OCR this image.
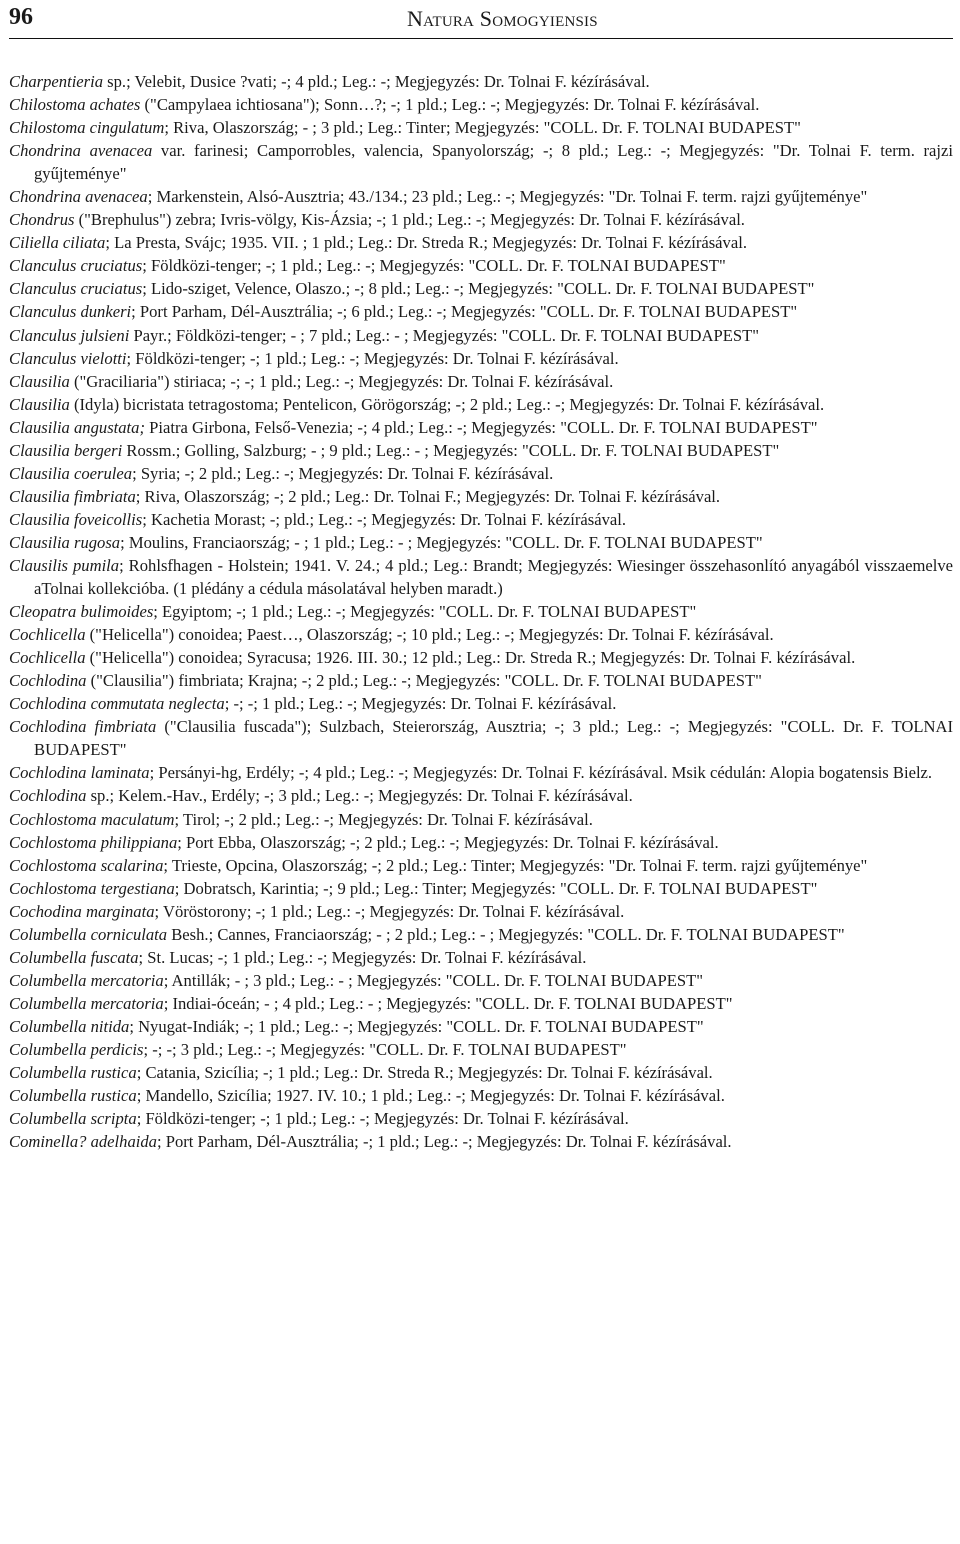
96	Natura Somogyiensis

Charpentieria sp.; Velebit, Dusice ?vati; -; 4 pld.; Leg.: -; Megjegyzés: Dr. Tolnai F. kézírásával.

Chilostoma achates ("Campylaea ichtiosana"); Sonn…?; -; 1 pld.; Leg.: -; Megjegyzés: Dr. Tolnai F. kézírásával.

Chilostoma cingulatum; Riva, Olaszország; - ; 3 pld.; Leg.: Tinter; Megjegyzés: "COLL. Dr. F. TOLNAI BUDAPEST"

Chondrina avenacea var. farinesi; Camporrobles, valencia, Spanyolország; -; 8 pld.; Leg.: -; Megjegyzés: "Dr. Tolnai F. term. rajzi gyűjteménye"

Chondrina avenacea; Markenstein, Alsó-Ausztria; 43./134.; 23 pld.; Leg.: -; Megjegyzés: "Dr. Tolnai F. term. rajzi gyűjteménye"

Chondrus ("Brephulus") zebra; Ivris-völgy, Kis-Ázsia; -; 1 pld.; Leg.: -; Megjegyzés: Dr. Tolnai F. kézírásával.

Ciliella ciliata; La Presta, Svájc; 1935. VII. ; 1 pld.; Leg.: Dr. Streda R.; Megjegyzés: Dr. Tolnai F. kézírásával.

Clanculus cruciatus; Földközi-tenger; -; 1 pld.; Leg.: -; Megjegyzés: "COLL. Dr. F. TOLNAI BUDAPEST"

Clanculus cruciatus; Lido-sziget, Velence, Olaszo.; -; 8 pld.; Leg.: -; Megjegyzés: "COLL. Dr. F. TOLNAI BUDAPEST"

Clanculus dunkeri; Port Parham, Dél-Ausztrália; -; 6 pld.; Leg.: -; Megjegyzés: "COLL. Dr. F. TOLNAI BUDAPEST"

Clanculus julsieni Payr.; Földközi-tenger; - ; 7 pld.; Leg.: - ; Megjegyzés: "COLL. Dr. F. TOLNAI BUDAPEST"

Clanculus vielotti; Földközi-tenger; -; 1 pld.; Leg.: -; Megjegyzés: Dr. Tolnai F. kézírásával.

Clausilia ("Graciliaria") stiriaca; -; -; 1 pld.; Leg.: -; Megjegyzés: Dr. Tolnai F. kézírásával.

Clausilia (Idyla) bicristata tetragostoma; Pentelicon, Görögország; -; 2 pld.; Leg.: -; Megjegyzés: Dr. Tolnai F. kézírásával.

Clausilia angustata; Piatra Girbona, Felső-Venezia; -; 4 pld.; Leg.: -; Megjegyzés: "COLL. Dr. F. TOLNAI BUDAPEST"

Clausilia bergeri Rossm.; Golling, Salzburg; - ; 9 pld.; Leg.: - ; Megjegyzés: "COLL. Dr. F. TOLNAI BUDAPEST"

Clausilia coerulea; Syria; -; 2 pld.; Leg.: -; Megjegyzés: Dr. Tolnai F. kézírásával.

Clausilia fimbriata; Riva, Olaszország; -; 2 pld.; Leg.: Dr. Tolnai F.; Megjegyzés: Dr. Tolnai F. kézírásával.

Clausilia foveicollis; Kachetia Morast; -; pld.; Leg.: -; Megjegyzés: Dr. Tolnai F. kézírásával.

Clausilia rugosa; Moulins, Franciaország; - ; 1 pld.; Leg.: - ; Megjegyzés: "COLL. Dr. F. TOLNAI BUDAPEST"

Clausilis pumila; Rohlsfhagen - Holstein; 1941. V. 24.; 4 pld.; Leg.: Brandt; Megjegyzés: Wiesinger összehasonlító anyagából visszaemelve aTolnai kollekcióba. (1 plédány a cédula másolatával helyben maradt.)

Cleopatra bulimoides; Egyiptom; -; 1 pld.; Leg.: -; Megjegyzés: "COLL. Dr. F. TOLNAI BUDAPEST"

Cochlicella ("Helicella") conoidea; Paest…, Olaszország; -; 10 pld.; Leg.: -; Megjegyzés: Dr. Tolnai F. kézírásával.

Cochlicella ("Helicella") conoidea; Syracusa; 1926. III. 30.; 12 pld.; Leg.: Dr. Streda R.; Megjegyzés: Dr. Tolnai F. kézírásával.

Cochlodina ("Clausilia") fimbriata; Krajna; -; 2 pld.; Leg.: -; Megjegyzés: "COLL. Dr. F. TOLNAI BUDAPEST"

Cochlodina commutata neglecta; -; -; 1 pld.; Leg.: -; Megjegyzés: Dr. Tolnai F. kézírásával.

Cochlodina fimbriata ("Clausilia fuscada"); Sulzbach, Steierország, Ausztria; -; 3 pld.; Leg.: -; Megjegyzés: "COLL. Dr. F. TOLNAI BUDAPEST"

Cochlodina laminata; Persányi-hg, Erdély; -; 4 pld.; Leg.: -; Megjegyzés: Dr. Tolnai F. kézírásával. Msik cédulán: Alopia bogatensis Bielz.

Cochlodina sp.; Kelem.-Hav., Erdély; -; 3 pld.; Leg.: -; Megjegyzés: Dr. Tolnai F. kézírásával.

Cochlostoma maculatum; Tirol; -; 2 pld.; Leg.: -; Megjegyzés: Dr. Tolnai F. kézírásával.

Cochlostoma philippiana; Port Ebba, Olaszország; -; 2 pld.; Leg.: -; Megjegyzés: Dr. Tolnai F. kézírásával.

Cochlostoma scalarina; Trieste, Opcina, Olaszország; -; 2 pld.; Leg.: Tinter; Megjegyzés: "Dr. Tolnai F. term. rajzi gyűjteménye"

Cochlostoma tergestiana; Dobratsch, Karintia; -; 9 pld.; Leg.: Tinter; Megjegyzés: "COLL. Dr. F. TOLNAI BUDAPEST"

Cochodina marginata; Vöröstorony; -; 1 pld.; Leg.: -; Megjegyzés: Dr. Tolnai F. kézírásával.

Columbella corniculata Besh.; Cannes, Franciaország; - ; 2 pld.; Leg.: - ; Megjegyzés: "COLL. Dr. F. TOLNAI BUDAPEST"

Columbella fuscata; St. Lucas; -; 1 pld.; Leg.: -; Megjegyzés: Dr. Tolnai F. kézírásával.

Columbella mercatoria; Antillák; - ; 3 pld.; Leg.: - ; Megjegyzés: "COLL. Dr. F. TOLNAI BUDAPEST"

Columbella mercatoria; Indiai-óceán; - ; 4 pld.; Leg.: - ; Megjegyzés: "COLL. Dr. F. TOLNAI BUDAPEST"

Columbella nitida; Nyugat-Indiák; -; 1 pld.; Leg.: -; Megjegyzés: "COLL. Dr. F. TOLNAI BUDAPEST"

Columbella perdicis; -; -; 3 pld.; Leg.: -; Megjegyzés: "COLL. Dr. F. TOLNAI BUDAPEST"

Columbella rustica; Catania, Szicília; -; 1 pld.; Leg.: Dr. Streda R.; Megjegyzés: Dr. Tolnai F. kézírásával.

Columbella rustica; Mandello, Szicília; 1927. IV. 10.; 1 pld.; Leg.: -; Megjegyzés: Dr. Tolnai F. kézírásával.

Columbella scripta; Földközi-tenger; -; 1 pld.; Leg.: -; Megjegyzés: Dr. Tolnai F. kézírásával.

Cominella? adelhaida; Port Parham, Dél-Ausztrália; -; 1 pld.; Leg.: -; Megjegyzés: Dr. Tolnai F. kézírásával.
